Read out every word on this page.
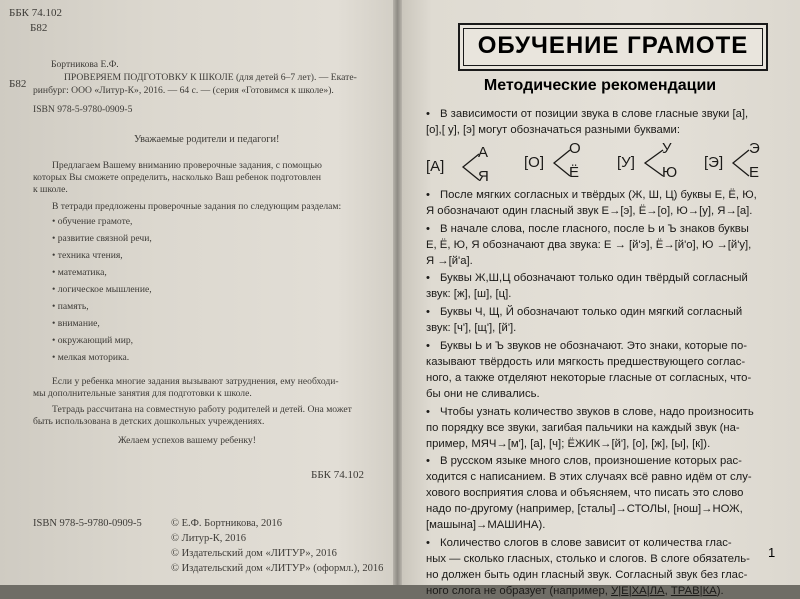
ББК 74.102
Б82
Б82
Бортникова Е.Ф.
ПРОВЕРЯЕМ ПОДГОТОВКУ К ШКОЛЕ (для детей 6–7 лет). — Екате-
ринбург: ООО «Литур-К», 2016. — 64 с. — (серия «Готовимся к школе»).
ISBN 978-5-9780-0909-5
Уважаемые родители и педагоги!
Предлагаем Вашему вниманию проверочные задания, с помощью
которых Вы сможете определить, насколько Ваш ребенок подготовлен
к школе.
В тетради предложены проверочные задания по следующим разделам:
• обучение грамоте,
• развитие связной речи,
• техника чтения,
• математика,
• логическое мышление,
• память,
• внимание,
• окружающий мир,
• мелкая моторика.
Если у ребенка многие задания вызывают затруднения, ему необходи-
мы дополнительные занятия для подготовки к школе.
Тетрадь рассчитана на совместную работу родителей и детей. Она может
быть использована в детских дошкольных учреждениях.
Желаем успехов вашему ребенку!
ББК 74.102
ISBN 978-5-9780-0909-5	© Е.Ф. Бортникова, 2016
© Литур-К, 2016
© Издательский дом «ЛИТУР», 2016
© Издательский дом «ЛИТУР» (оформл.), 2016
ОБУЧЕНИЕ ГРАМОТЕ
Методические рекомендации
• В зависимости от позиции звука в слове гласные звуки [а],
[о],[ у], [э] могут обозначаться разными буквами:
[А]
А
Я
[О]
О
Ё
[У]
У
Ю
[Э]
Э
Е
• После мягких согласных и твёрдых (Ж, Ш, Ц) буквы Е, Ё, Ю,
Я обозначают один гласный звук Е→[э], Ё→[о], Ю→[у], Я→[а].
• В начале слова, после гласного, после Ь и Ъ знаков буквы
Е, Ё, Ю, Я обозначают два звука: Е → [й'э], Ё→[й'о], Ю →[й'у],
Я →[й'а].
• Буквы Ж,Ш,Ц обозначают только один твёрдый согласный
звук: [ж], [ш], [ц].
• Буквы Ч, Щ, Й обозначают только один мягкий согласный
звук: [ч'], [щ'], [й'].
• Буквы Ь и Ъ звуков не обозначают. Это знаки, которые по-
казывают твёрдость или мягкость предшествующего соглас-
ного, а также отделяют некоторые гласные от согласных, что-
бы они не сливались.
• Чтобы узнать количество звуков в слове, надо произносить
по порядку все звуки, загибая пальчики на каждый звук (на-
пример, МЯЧ→[м'], [а], [ч]; ЁЖИК→[й'], [о], [ж], [ы], [к]).
• В русском языке много слов, произношение которых рас-
ходится с написанием. В этих случаях всё равно идём от слу-
хового восприятия слова и объясняем, что писать это слово
надо по-другому (например, [сталы]→СТОЛЫ, [нош]→НОЖ,
[машына]→МАШИНА).
• Количество слогов в слове зависит от количества глас-
ных — сколько гласных, столько и слогов. В слоге обязатель-
но должен быть один гласный звук. Согласный звук без глас-
ного слога не образует (например, У|Е|ХА|ЛА, ТРАВ|КА).
1
